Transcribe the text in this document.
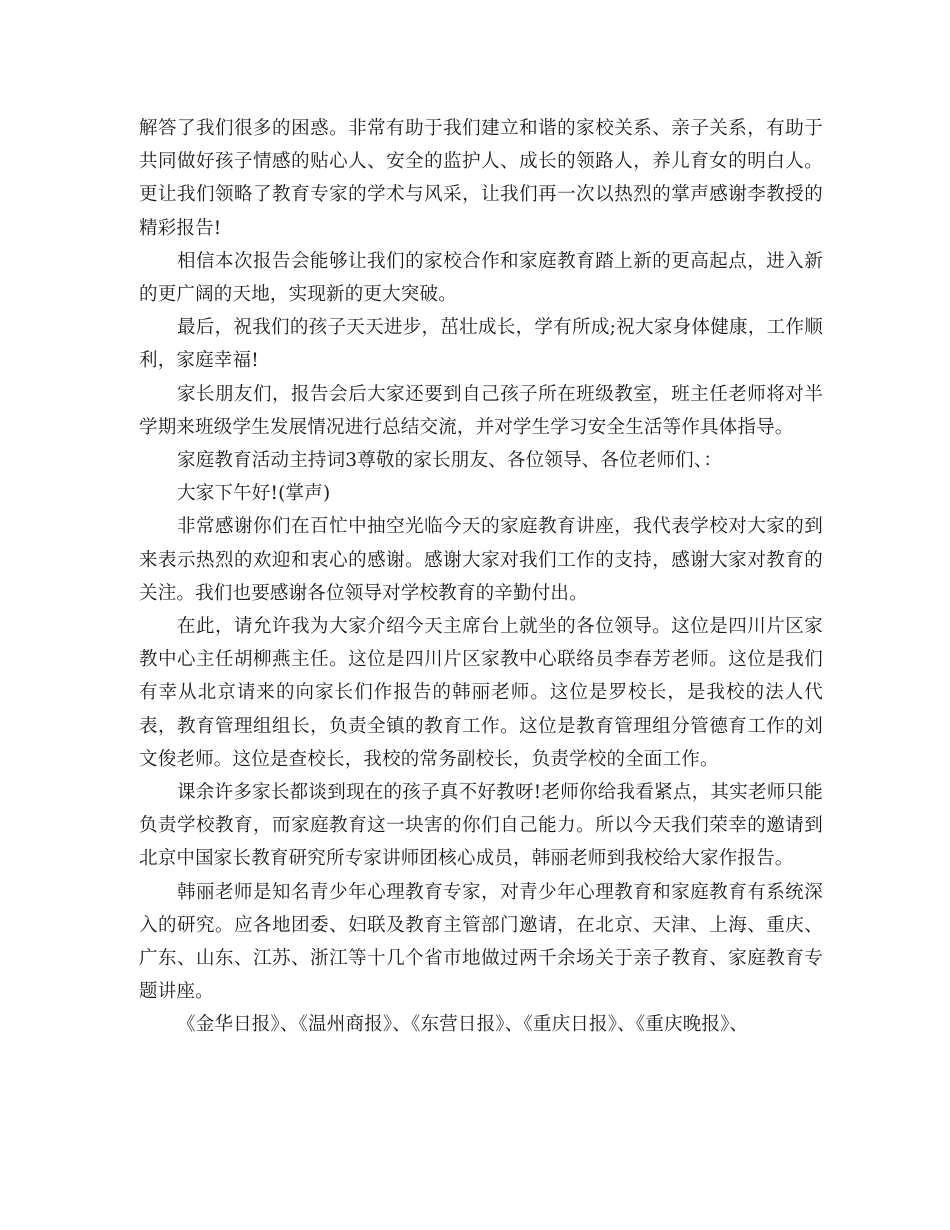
解答了我们很多的困惑。非常有助于我们建立和谐的家校关系、亲子关系，有助于共同做好孩子情感的贴心人、安全的监护人、成长的领路人，养儿育女的明白人。更让我们领略了教育专家的学术与风采，让我们再一次以热烈的掌声感谢李教授的精彩报告!

相信本次报告会能够让我们的家校合作和家庭教育踏上新的更高起点，进入新的更广阔的天地，实现新的更大突破。

最后，祝我们的孩子天天进步，茁壮成长，学有所成;祝大家身体健康，工作顺利，家庭幸福!

家长朋友们，报告会后大家还要到自己孩子所在班级教室，班主任老师将对半学期来班级学生发展情况进行总结交流，并对学生学习安全生活等作具体指导。

家庭教育活动主持词3尊敬的家长朋友、各位领导、各位老师们、：

大家下午好!(掌声)

非常感谢你们在百忙中抽空光临今天的家庭教育讲座，我代表学校对大家的到来表示热烈的欢迎和衷心的感谢。感谢大家对我们工作的支持，感谢大家对教育的关注。我们也要感谢各位领导对学校教育的辛勤付出。

在此，请允许我为大家介绍今天主席台上就坐的各位领导。这位是四川片区家教中心主任胡柳燕主任。这位是四川片区家教中心联络员李春芳老师。这位是我们有幸从北京请来的向家长们作报告的韩丽老师。这位是罗校长，是我校的法人代表，教育管理组组长，负责全镇的教育工作。这位是教育管理组分管德育工作的刘文俊老师。这位是查校长，我校的常务副校长，负责学校的全面工作。

课余许多家长都谈到现在的孩子真不好教呀!老师你给我看紧点，其实老师只能负责学校教育，而家庭教育这一块害的你们自己能力。所以今天我们荣幸的邀请到北京中国家长教育研究所专家讲师团核心成员，韩丽老师到我校给大家作报告。

韩丽老师是知名青少年心理教育专家，对青少年心理教育和家庭教育有系统深入的研究。应各地团委、妇联及教育主管部门邀请，在北京、天津、上海、重庆、广东、山东、江苏、浙江等十几个省市地做过两千余场关于亲子教育、家庭教育专题讲座。

《金华日报》、《温州商报》、《东营日报》、《重庆日报》、《重庆晚报》、
